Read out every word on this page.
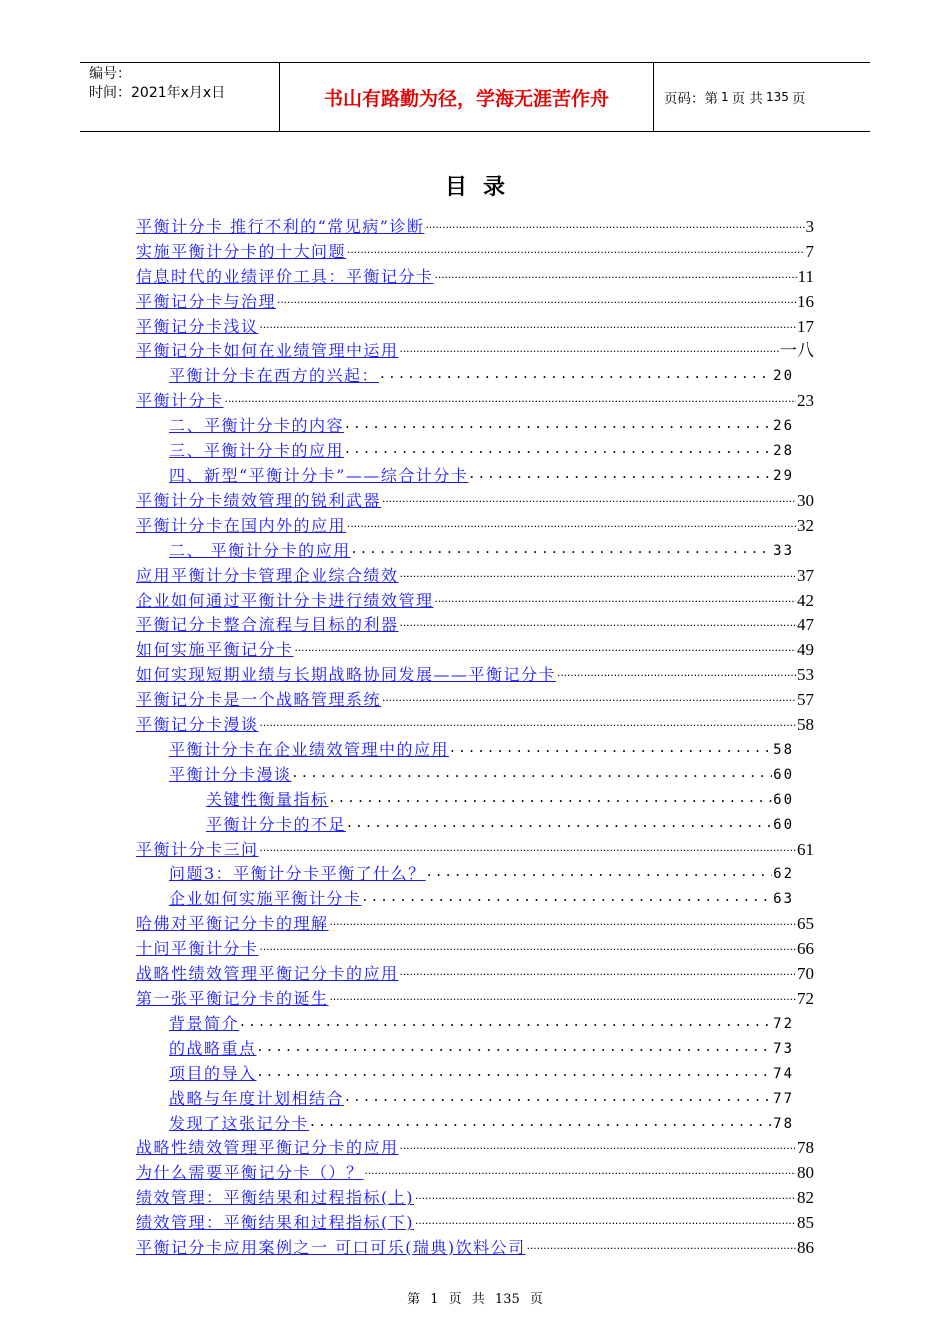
编号：
时间：2021年x月x日	书山有路勤为径，学海无涯苦作舟	页码：第 1 页 共 135 页
目录
平衡计分卡 推行不利的“常见病”诊断 .....	3
实施平衡计分卡的十大问题 .....	7
信息时代的业绩评价工具：平衡记分卡 .....	11
平衡记分卡与治理 .....	16
平衡记分卡浅议 .....	17
平衡记分卡如何在业绩管理中运用 .....	一八
平衡计分卡在西方的兴起： . . .	20
平衡计分卡 .....	23
二、平衡计分卡的内容 . . .	26
三、平衡计分卡的应用 . . .	28
四、新型“平衡计分卡”——综合计分卡 . . .	29
平衡计分卡绩效管理的锐利武器 .....	30
平衡计分卡在国内外的应用 .....	32
二、 平衡计分卡的应用 . . .	33
应用平衡计分卡管理企业综合绩效 .....	37
企业如何通过平衡计分卡进行绩效管理 .....	42
平衡记分卡整合流程与目标的利器 .....	47
如何实施平衡记分卡 .....	49
如何实现短期业绩与长期战略协同发展——平衡记分卡 .....	53
平衡记分卡是一个战略管理系统 .....	57
平衡记分卡漫谈 .....	58
平衡计分卡在企业绩效管理中的应用 . . .	58
平衡计分卡漫谈 . . .	60
关键性衡量指标 . . .	60
平衡计分卡的不足 . . .	60
平衡计分卡三问 .....	61
问题3：平衡计分卡平衡了什么？ . . .	62
企业如何实施平衡计分卡 . . .	63
哈佛对平衡记分卡的理解 .....	65
十问平衡计分卡 .....	66
战略性绩效管理平衡记分卡的应用 .....	70
第一张平衡记分卡的诞生 .....	72
背景简介 . . .	72
的战略重点 . . .	73
项目的导入 . . .	74
战略与年度计划相结合 . . .	77
发现了这张记分卡 . . .	78
战略性绩效管理平衡记分卡的应用 .....	78
为什么需要平衡记分卡（）？ .....	80
绩效管理：平衡结果和过程指标(上) .....	82
绩效管理：平衡结果和过程指标(下) .....	85
平衡记分卡应用案例之一 可口可乐(瑞典)饮料公司 .....	86
第 1 页 共 135 页
